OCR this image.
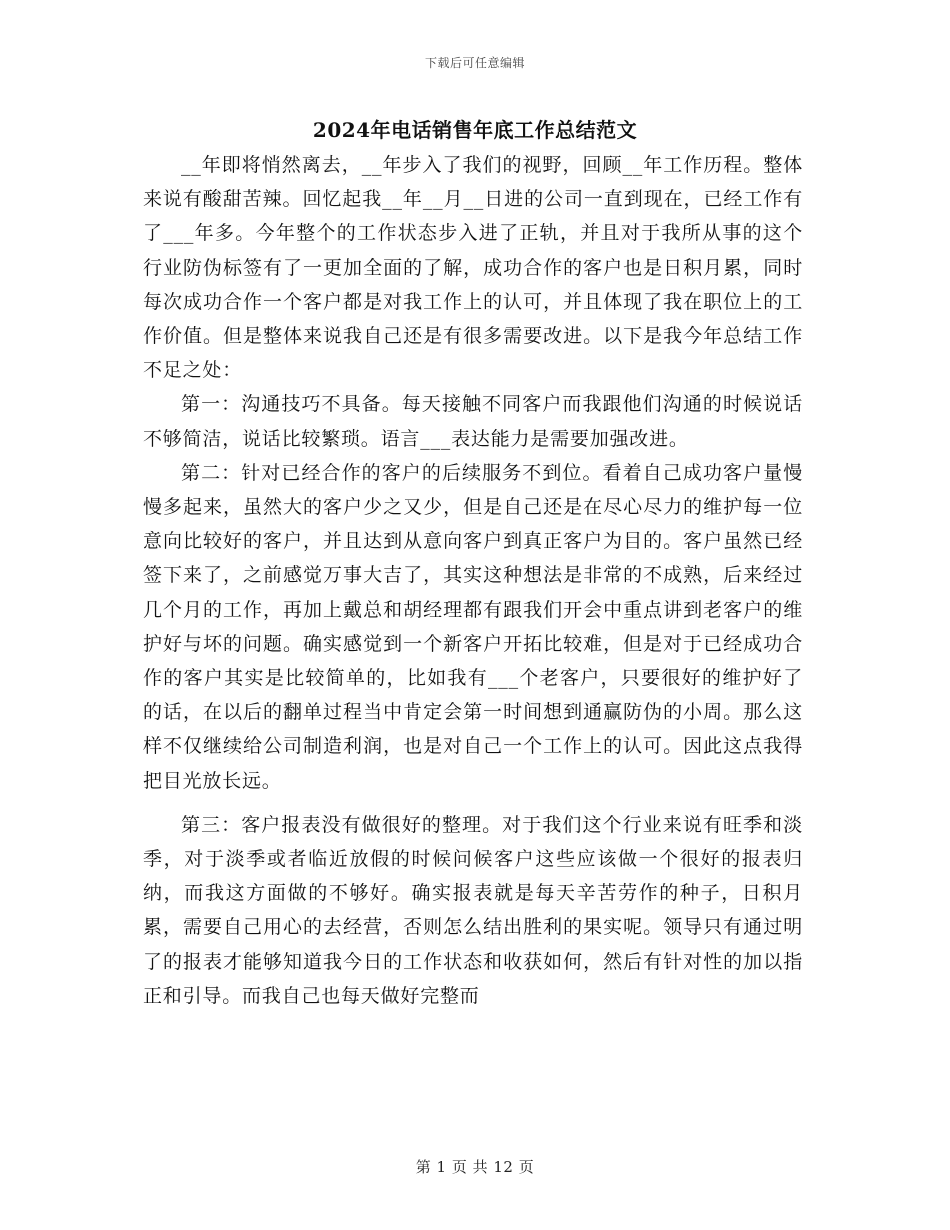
下载后可任意编辑
2024年电话销售年底工作总结范文

__年即将悄然离去，__年步入了我们的视野，回顾__年工作历程。整体来说有酸甜苦辣。回忆起我__年__月__日进的公司一直到现在，已经工作有了___年多。今年整个的工作状态步入进了正轨，并且对于我所从事的这个行业防伪标签有了一更加全面的了解，成功合作的客户也是日积月累，同时每次成功合作一个客户都是对我工作上的认可，并且体现了我在职位上的工作价值。但是整体来说我自己还是有很多需要改进。以下是我今年总结工作不足之处：

第一：沟通技巧不具备。每天接触不同客户而我跟他们沟通的时候说话不够简洁，说话比较繁琐。语言___表达能力是需要加强改进。

第二：针对已经合作的客户的后续服务不到位。看着自己成功客户量慢慢多起来，虽然大的客户少之又少，但是自己还是在尽心尽力的维护每一位意向比较好的客户，并且达到从意向客户到真正客户为目的。客户虽然已经签下来了，之前感觉万事大吉了，其实这种想法是非常的不成熟，后来经过几个月的工作，再加上戴总和胡经理都有跟我们开会中重点讲到老客户的维护好与坏的问题。确实感觉到一个新客户开拓比较难，但是对于已经成功合作的客户其实是比较简单的，比如我有___个老客户，只要很好的维护好了的话，在以后的翻单过程当中肯定会第一时间想到通赢防伪的小周。那么这样不仅继续给公司制造利润，也是对自己一个工作上的认可。因此这点我得把目光放长远。

第三：客户报表没有做很好的整理。对于我们这个行业来说有旺季和淡季，对于淡季或者临近放假的时候问候客户这些应该做一个很好的报表归纳，而我这方面做的不够好。确实报表就是每天辛苦劳作的种子，日积月累，需要自己用心的去经营，否则怎么结出胜利的果实呢。领导只有通过明了的报表才能够知道我今日的工作状态和收获如何，然后有针对性的加以指正和引导。而我自己也每天做好完整而

第 1 页 共 12 页
